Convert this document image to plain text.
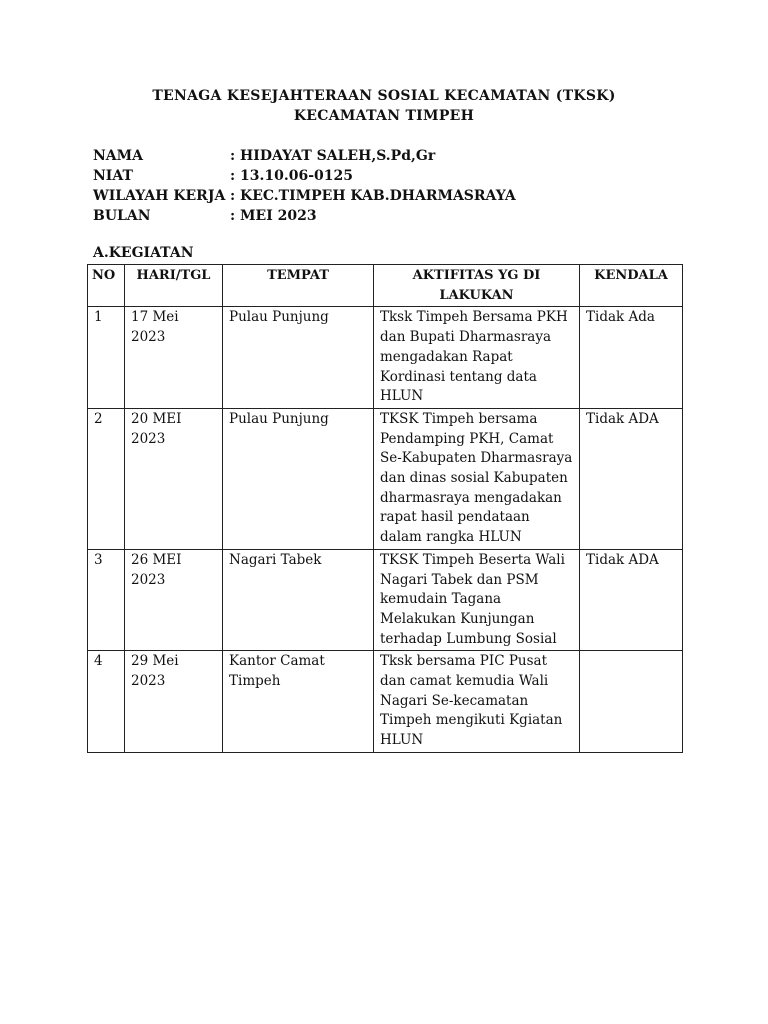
TENAGA KESEJAHTERAAN SOSIAL KECAMATAN (TKSK)
KECAMATAN TIMPEH
NAMA	: HIDAYAT SALEH,S.Pd,Gr
NIAT	: 13.10.06-0125
WILAYAH KERJA : KEC.TIMPEH KAB.DHARMASRAYA
BULAN	: MEI 2023
A.KEGIATAN
NO	HARI/TGL	TEMPAT	AKTIFITAS YG DI LAKUKAN	KENDALA
1	17 Mei 2023	Pulau Punjung	Tksk Timpeh Bersama PKH dan Bupati Dharmasraya mengadakan Rapat Kordinasi tentang data HLUN	Tidak Ada
2	20 MEI 2023	Pulau Punjung	TKSK Timpeh bersama Pendamping PKH, Camat Se-Kabupaten Dharmasraya dan dinas sosial Kabupaten dharmasraya mengadakan rapat hasil pendataan dalam rangka HLUN	Tidak ADA
3	26 MEI 2023	Nagari Tabek	TKSK Timpeh Beserta Wali Nagari Tabek dan PSM kemudain Tagana Melakukan Kunjungan terhadap Lumbung Sosial	Tidak ADA
4	29 Mei 2023	Kantor Camat Timpeh	Tksk bersama PIC Pusat dan camat kemudia Wali Nagari Se-kecamatan Timpeh mengikuti Kgiatan HLUN	
